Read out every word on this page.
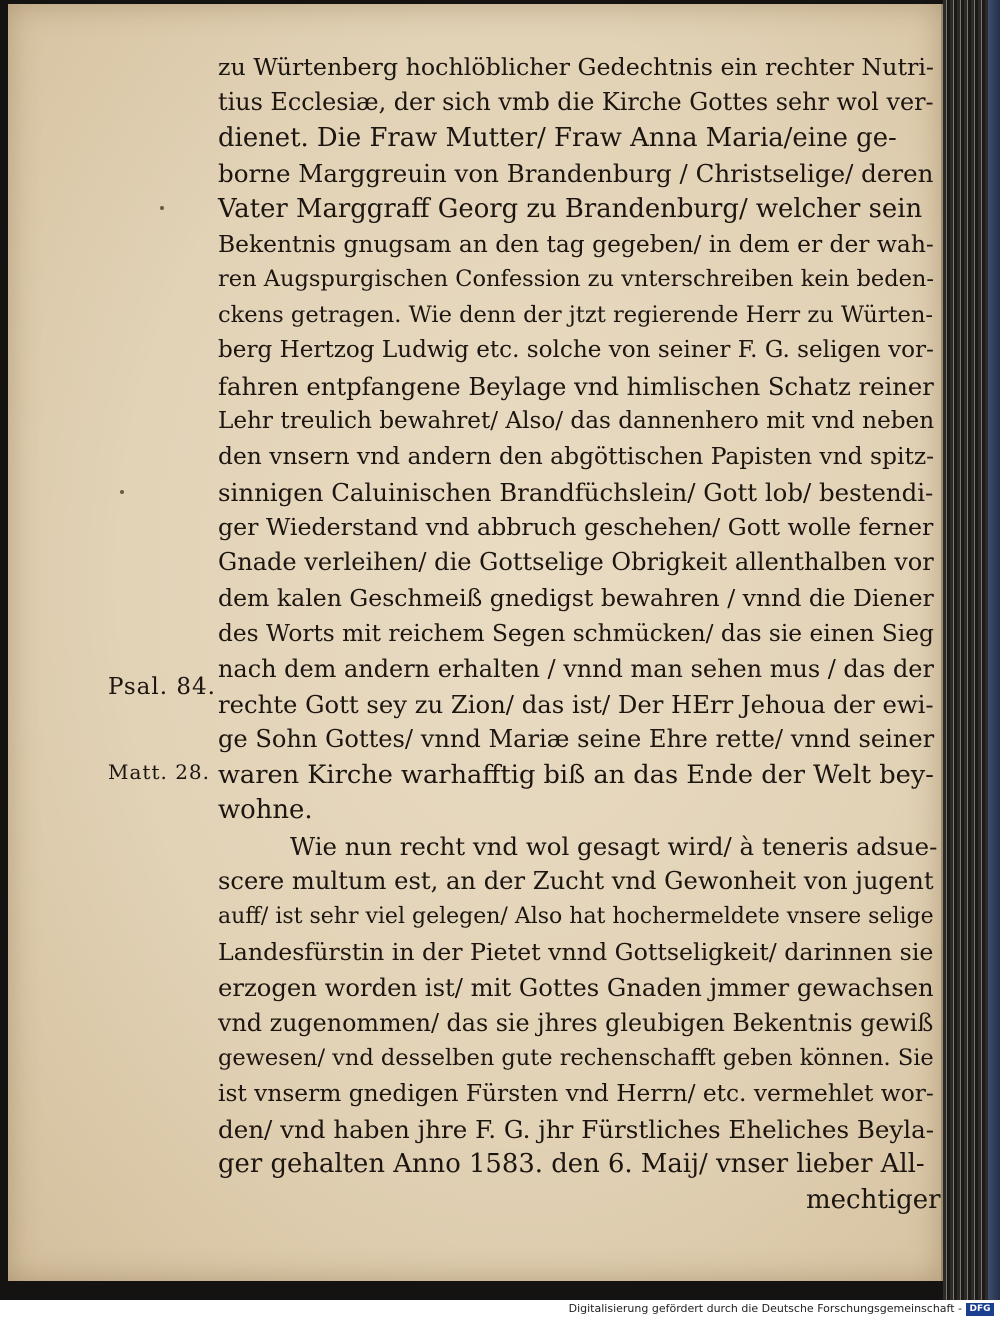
zu Würtenberg hochlöblicher Gedechtnis ein rechter Nutri-
tius Ecclesiæ, der sich vmb die Kirche Gottes sehr wol ver-
dienet. Die Fraw Mutter/ Fraw Anna Maria/eine ge-
borne Marggreuin von Brandenburg / Christselige/ deren
Vater Marggraff Georg zu Brandenburg/ welcher sein
Bekentnis gnugsam an den tag gegeben/ in dem er der wah-
ren Augspurgischen Confession zu vnterschreiben kein beden-
ckens getragen. Wie denn der jtzt regierende Herr zu Würten-
berg Hertzog Ludwig etc. solche von seiner F. G. seligen vor-
fahren entpfangene Beylage vnd himlischen Schatz reiner
Lehr treulich bewahret/ Also/ das dannenhero mit vnd neben
den vnsern vnd andern den abgöttischen Papisten vnd spitz-
sinnigen Caluinischen Brandfüchslein/ Gott lob/ bestendi-
ger Wiederstand vnd abbruch geschehen/ Gott wolle ferner
Gnade verleihen/ die Gottselige Obrigkeit allenthalben vor
dem kalen Geschmeiß gnedigst bewahren / vnnd die Diener
des Worts mit reichem Segen schmücken/ das sie einen Sieg
nach dem andern erhalten / vnnd man sehen mus / das der
rechte Gott sey zu Zion/ das ist/ Der HErr Jehoua der ewi-
ge Sohn Gottes/ vnnd Mariæ seine Ehre rette/ vnnd seiner
waren Kirche warhafftig biß an das Ende der Welt bey-
wohne.
Wie nun recht vnd wol gesagt wird/ à teneris adsue-
scere multum est, an der Zucht vnd Gewonheit von jugent
auff/ ist sehr viel gelegen/ Also hat hochermeldete vnsere selige
Landesfürstin in der Pietet vnnd Gottseligkeit/ darinnen sie
erzogen worden ist/ mit Gottes Gnaden jmmer gewachsen
vnd zugenommen/ das sie jhres gleubigen Bekentnis gewiß
gewesen/ vnd desselben gute rechenschafft geben können. Sie
ist vnserm gnedigen Fürsten vnd Herrn/ etc. vermehlet wor-
den/ vnd haben jhre F. G. jhr Fürstliches Eheliches Beyla-
ger gehalten Anno 1583. den 6. Maij/ vnser lieber All-
mechtiger
Psal. 84.
Matt. 28.
Digitalisierung gefördert durch die Deutsche Forschungsgemeinschaft - DFG
